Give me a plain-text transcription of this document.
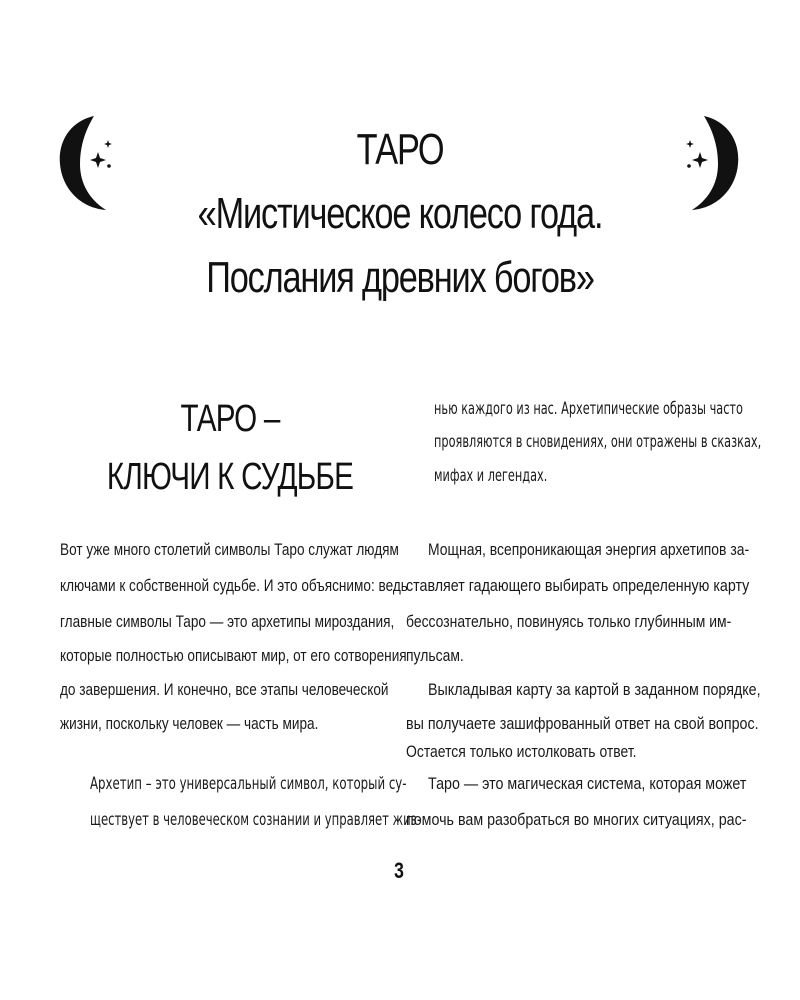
ТАРО
«Мистическое колесо года.
Послания древних богов»
ТАРО –
КЛЮЧИ К СУДЬБЕ
Вот уже много столетий символы Таро служат людям
ключами к собственной судьбе. И это объяснимо: ведь
главные символы Таро — это архетипы мироздания,
которые полностью описывают мир, от его сотворения
до завершения. И конечно, все этапы человеческой
жизни, поскольку человек — часть мира.
Архетип – это универсальный символ, который су-
ществует в человеческом сознании и управляет жиз-
нью каждого из нас. Архетипические образы часто
проявляются в сновидениях, они отражены в сказках,
мифах и легендах.
Мощная, всепроникающая энергия архетипов за-
ставляет гадающего выбирать определенную карту
бессознательно, повинуясь только глубинным им-
пульсам.
Выкладывая карту за картой в заданном порядке,
вы получаете зашифрованный ответ на свой вопрос.
Остается только истолковать ответ.
Таро — это магическая система, которая может
помочь вам разобраться во многих ситуациях, рас-
3
